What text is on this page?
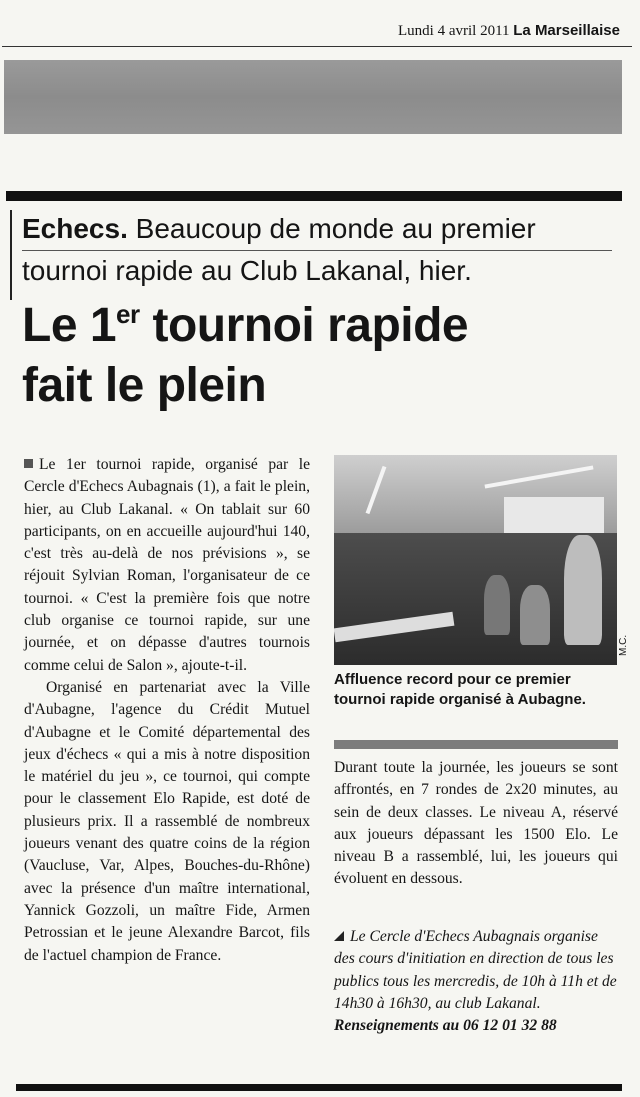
Lundi 4 avril 2011 La Marseillaise
Echecs. Beaucoup de monde au premier tournoi rapide au Club Lakanal, hier.
Le 1er tournoi rapide
fait le plein

Le 1er tournoi rapide, organisé par le Cercle d'Echecs Aubagnais (1), a fait le plein, hier, au Club Lakanal. « On tablait sur 60 participants, on en accueille aujourd'hui 140, c'est très au-delà de nos prévisions », se réjouit Sylvian Roman, l'organisateur de ce tournoi. « C'est la première fois que notre club organise ce tournoi rapide, sur une journée, et on dépasse d'autres tournois comme celui de Salon », ajoute-t-il.

Organisé en partenariat avec la Ville d'Aubagne, l'agence du Crédit Mutuel d'Aubagne et le Comité départemental des jeux d'échecs « qui a mis à notre disposition le matériel du jeu », ce tournoi, qui compte pour le classement Elo Rapide, est doté de plusieurs prix. Il a rassemblé de nombreux joueurs venant des quatre coins de la région (Vaucluse, Var, Alpes, Bouches-du-Rhône) avec la présence d'un maître international, Yannick Gozzoli, un maître Fide, Armen Petrossian et le jeune Alexandre Barcot, fils de l'actuel champion de France.

M.C.
Affluence record pour ce premier tournoi rapide organisé à Aubagne.

Durant toute la journée, les joueurs se sont affrontés, en 7 rondes de 2x20 minutes, au sein de deux classes. Le niveau A, réservé aux joueurs dépassant les 1500 Elo. Le niveau B a rassemblé, lui, les joueurs qui évoluent en dessous.

Le Cercle d'Echecs Aubagnais organise des cours d'initiation en direction de tous les publics tous les mercredis, de 10h à 11h et de 14h30 à 16h30, au club Lakanal.

Renseignements au 06 12 01 32 88
